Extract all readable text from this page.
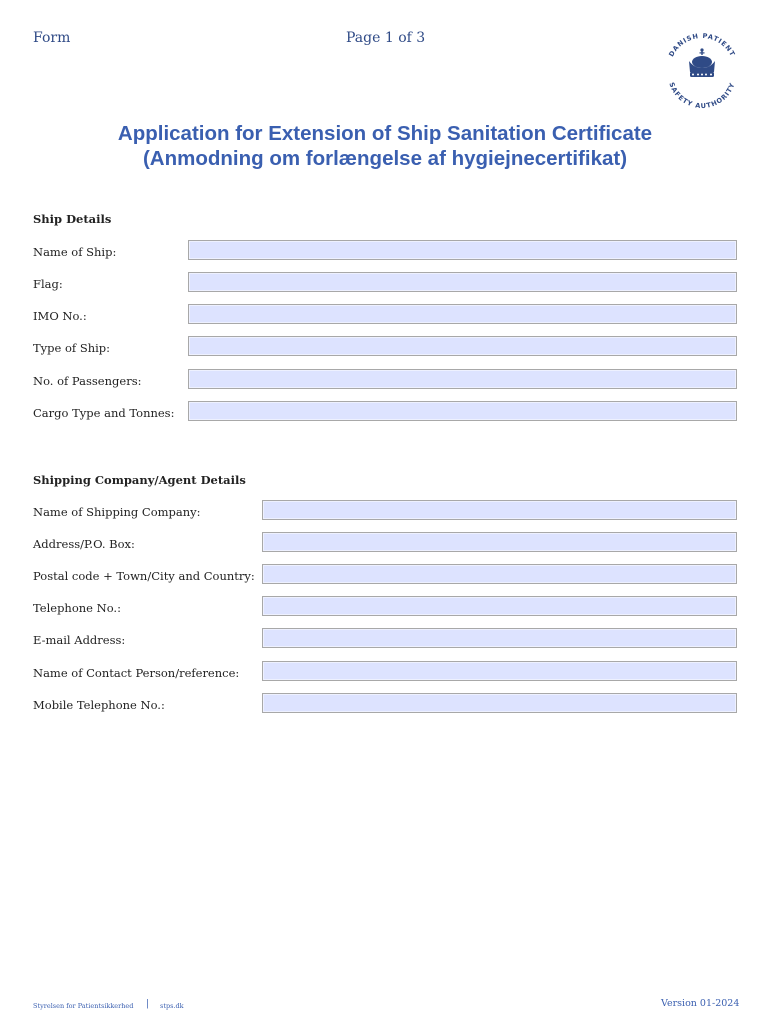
Form	Page 1 of 3
DANISH PATIENT
SAFETY AUTHORITY
Application for Extension of Ship Sanitation Certificate
(Anmodning om forlængelse af hygiejnecertifikat)
Ship Details
Name of Ship:
Flag:
IMO No.:
Type of Ship:
No. of Passengers:
Cargo Type and Tonnes:
Shipping Company/Agent Details
Name of Shipping Company:
Address/P.O. Box:
Postal code + Town/City and Country:
Telephone No.:
E-mail Address:
Name of Contact Person/reference:
Mobile Telephone No.:
Styrelsen for Patientsikkerhed | stps.dk	Version 01-2024
